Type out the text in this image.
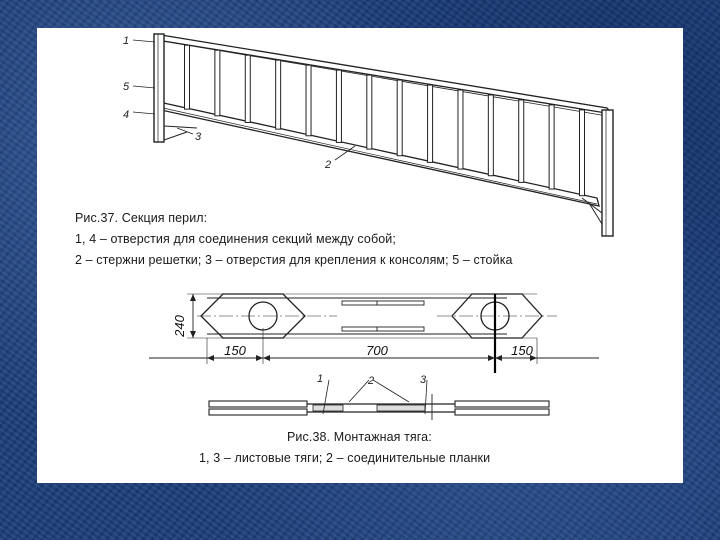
1
5
4
3
2
240
150	700	150
1	2	3
Рис.37. Секция перил:
1, 4 – отверстия для соединения секций между собой;
2 – стержни решетки; 3 – отверстия для крепления к консолям; 5 – стойка
Рис.38. Монтажная тяга:
1, 3 – листовые тяги; 2 – соединительные планки
